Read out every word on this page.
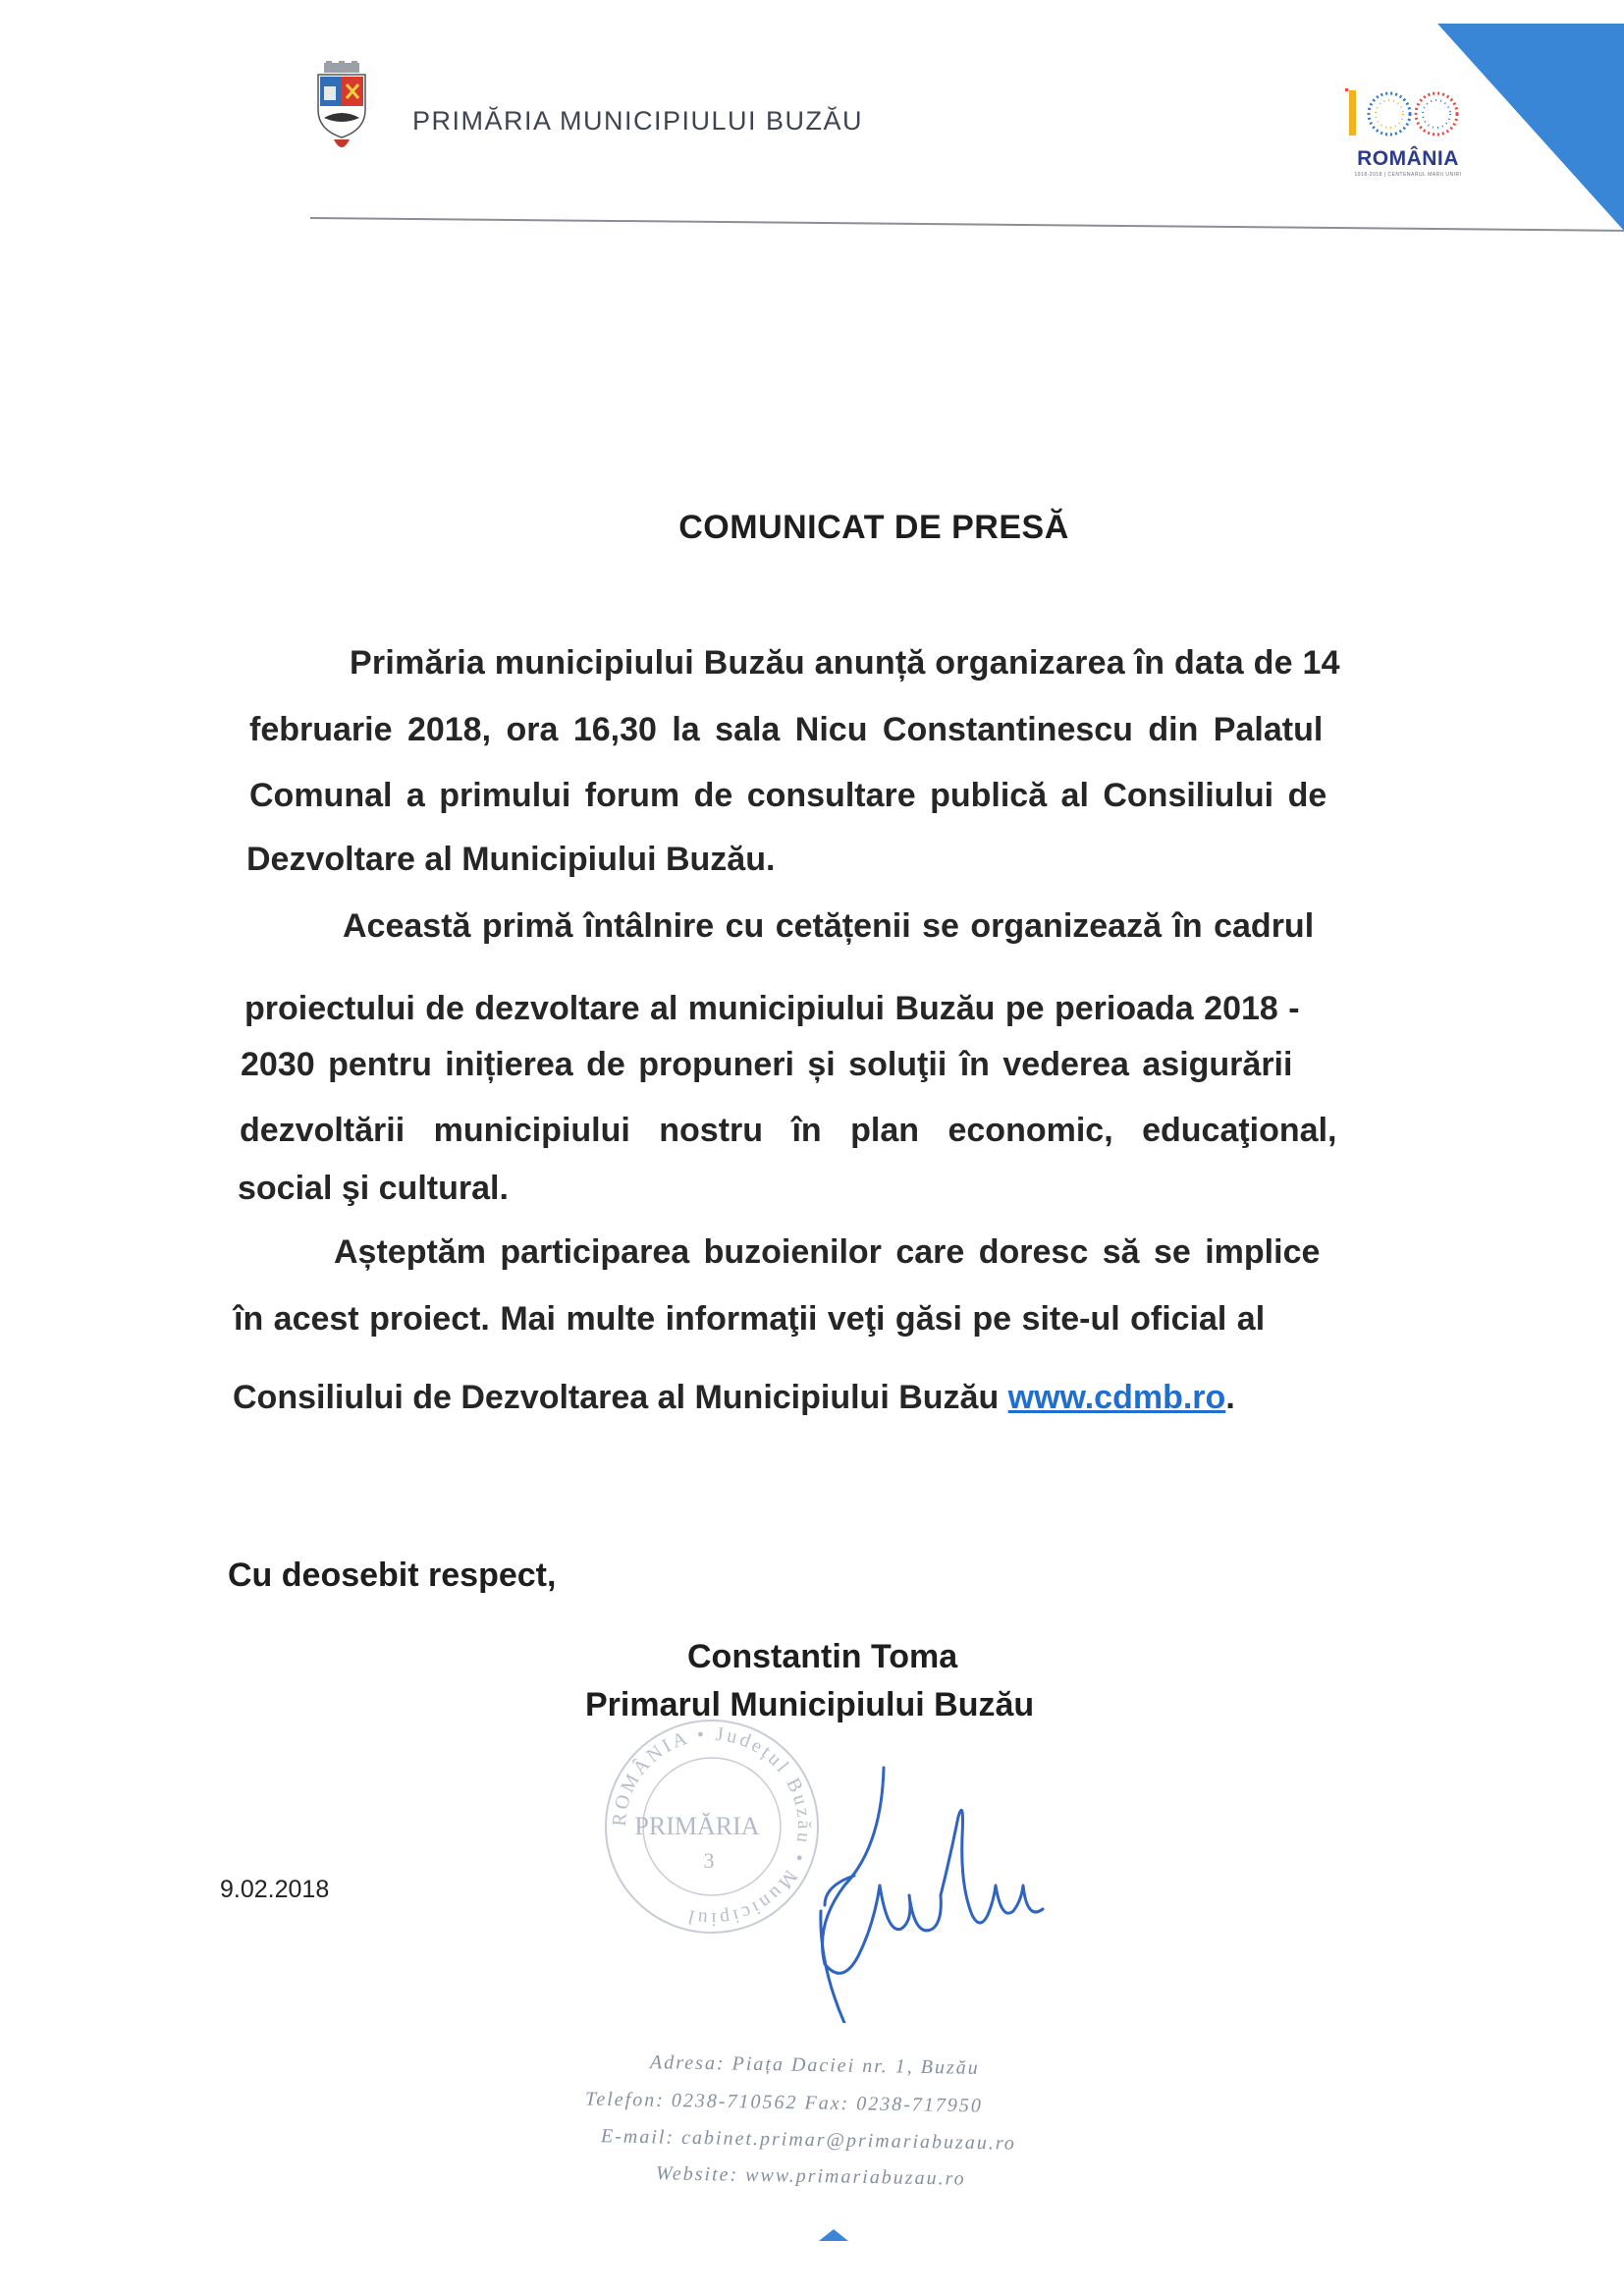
PRIMĂRIA MUNICIPIULUI BUZĂU
ROMÂNIA
1918-2018 | CENTENARUL MARII UNIRI
COMUNICAT DE PRESĂ
Primăria municipiului Buzău anunță organizarea în data de 14
februarie 2018, ora 16,30 la sala Nicu Constantinescu din Palatul
Comunal a primului forum de consultare publică al Consiliului de
Dezvoltare al Municipiului Buzău.
Această primă întâlnire cu cetățenii se organizează în cadrul
proiectului de dezvoltare al municipiului Buzău pe perioada 2018 -
2030 pentru inițierea de propuneri și soluţii în vederea asigurării
dezvoltării municipiului nostru în plan economic, educaţional,
social şi cultural.
Așteptăm participarea buzoienilor care doresc să se implice
în acest proiect. Mai multe informaţii veţi găsi pe site-ul oficial al
Consiliului de Dezvoltarea al Municipiului Buzău www.cdmb.ro.
Cu deosebit respect,
Constantin Toma
Primarul Municipiului Buzău
9.02.2018
ROMÂNIA • Județul Buzău • Municipiul
PRIMĂRIA
3
Adresa: Piața Daciei nr. 1, Buzău
Telefon: 0238-710562 Fax: 0238-717950
E-mail: cabinet.primar@primariabuzau.ro
Website: www.primariabuzau.ro
